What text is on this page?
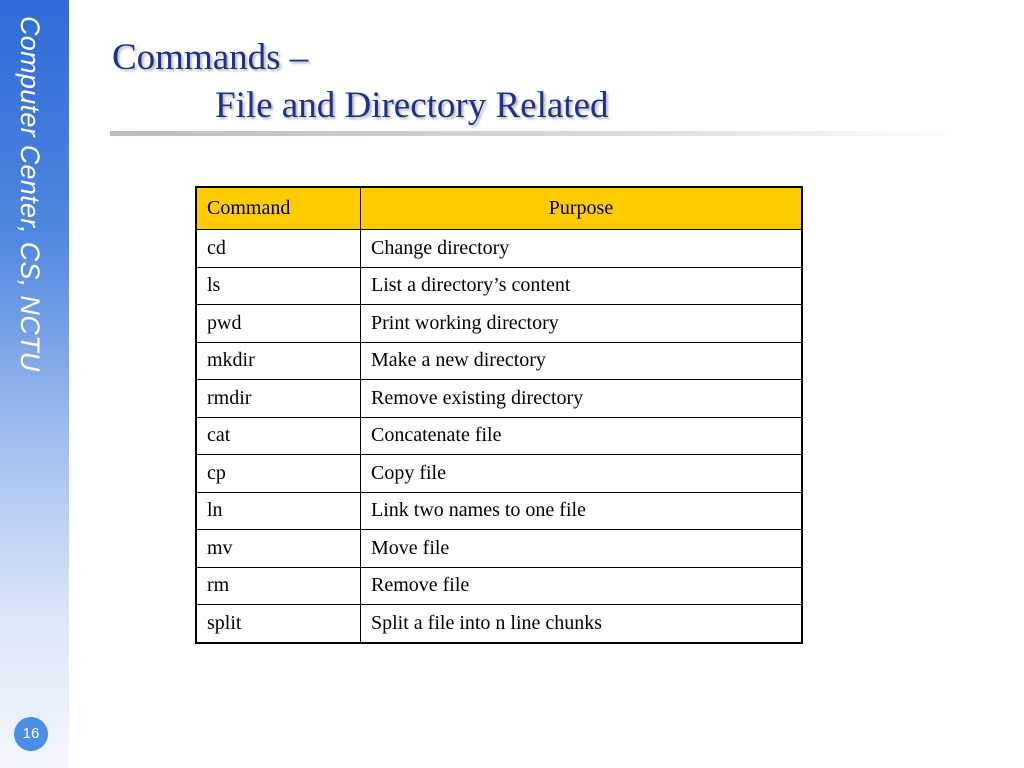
Computer Center, CS, NCTU
16
Commands –
File and Directory Related
Command	Purpose
cd	Change directory
ls	List a directory’s content
pwd	Print working directory
mkdir	Make a new directory
rmdir	Remove existing directory
cat	Concatenate file
cp	Copy file
ln	Link two names to one file
mv	Move file
rm	Remove file
split	Split a file into n line chunks
